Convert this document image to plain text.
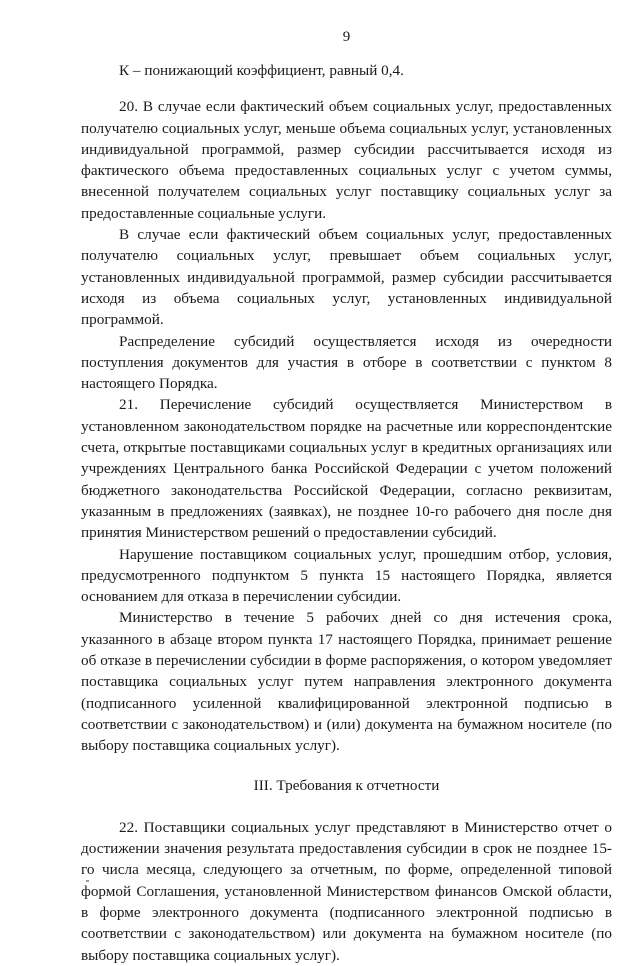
9

К – понижающий коэффициент, равный 0,4.

20. В случае если фактический объем социальных услуг, предоставленных получателю социальных услуг, меньше объема социальных услуг, установленных индивидуальной программой, размер субсидии рассчитывается исходя из фактического объема предоставленных социальных услуг с учетом суммы, внесенной получателем социальных услуг поставщику социальных услуг за предоставленные социальные услуги.

В случае если фактический объем социальных услуг, предоставленных получателю социальных услуг, превышает объем социальных услуг, установленных индивидуальной программой, размер субсидии рассчитывается исходя из объема социальных услуг, установленных индивидуальной программой.

Распределение субсидий осуществляется исходя из очередности поступления документов для участия в отборе в соответствии с пунктом 8 настоящего Порядка.

21. Перечисление субсидий осуществляется Министерством в установленном законодательством порядке на расчетные или корреспондентские счета, открытые поставщиками социальных услуг в кредитных организациях или учреждениях Центрального банка Российской Федерации с учетом положений бюджетного законодательства Российской Федерации, согласно реквизитам, указанным в предложениях (заявках), не позднее 10-го рабочего дня после дня принятия Министерством решений о предоставлении субсидий.

Нарушение поставщиком социальных услуг, прошедшим отбор, условия, предусмотренного подпунктом 5 пункта 15 настоящего Порядка, является основанием для отказа в перечислении субсидии.

Министерство в течение 5 рабочих дней со дня истечения срока, указанного в абзаце втором пункта 17 настоящего Порядка, принимает решение об отказе в перечислении субсидии в форме распоряжения, о котором уведомляет поставщика социальных услуг путем направления электронного документа (подписанного усиленной квалифицированной электронной подписью в соответствии с законодательством) и (или) документа на бумажном носителе (по выбору поставщика социальных услуг).

III. Требования к отчетности

22. Поставщики социальных услуг представляют в Министерство отчет о достижении значения результата предоставления субсидии в срок не позднее 15-го числа месяца, следующего за отчетным, по форме, определенной типовой формой Соглашения, установленной Министерством финансов Омской области, в форме электронного документа (подписанного электронной подписью в соответствии с законодательством) или документа на бумажном носителе (по выбору поставщика социальных услуг).
